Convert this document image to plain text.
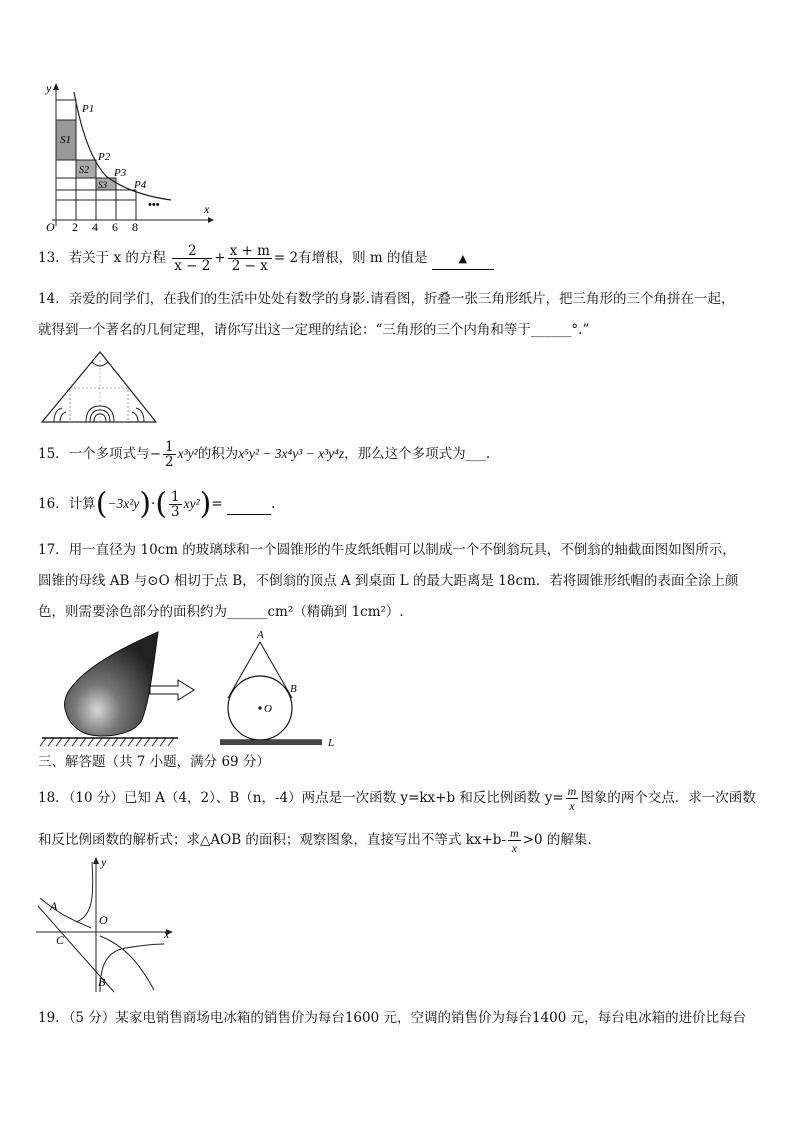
y
x
O 2 4 6 8
P1
P2
P3
P4
S1
S2
S3
•••
13．若关于 x 的方程 $\frac{2}{x - 2} + \frac{x + m}{2 - x} = 2$有增根，则 m 的值是	▲
14．亲爱的同学们，在我们的生活中处处有数学的身影.请看图，折叠一张三角形纸片，把三角形的三个角拼在一起，
就得到一个著名的几何定理，请你写出这一定理的结论：“三角形的三个内角和等于______°.”
15．一个多项式与− $\frac{1}{2} x^3y^2$的积为x⁵y² − 3x⁴y³ − x³y⁴z，那么这个多项式为___.
16．计算$(-3x^2y)\cdot( \frac{1}{3} xy^2)=$	.
17．用一直径为 10cm 的玻璃球和一个圆锥形的牛皮纸纸帽可以制成一个不倒翁玩具，不倒翁的轴截面图如图所示，
圆锥的母线 AB 与⊙O 相切于点 B，不倒翁的顶点 A 到桌面 L 的最大距离是 18cm．若将圆锥形纸帽的表面全涂上颜
色，则需要涂色部分的面积约为______cm²（精确到 1cm²）.
A
B
O
L
三、解答题（共 7 小题，满分 69 分）
18．（10 分）已知 A（4，2）、B（n，-4）两点是一次函数 y=kx+b 和反比例函数 $y= \frac{m}{x}$ 图象的两个交点．求一次函数
和反比例函数的解析式；求△AOB 的面积；观察图象，直接写出不等式 $kx+b- \frac{m}{x} >0$ 的解集.
A
C
O
B
y
x
19．（5 分）某家电销售商场电冰箱的销售价为每台1600 元，空调的销售价为每台1400 元，每台电冰箱的进价比每台
